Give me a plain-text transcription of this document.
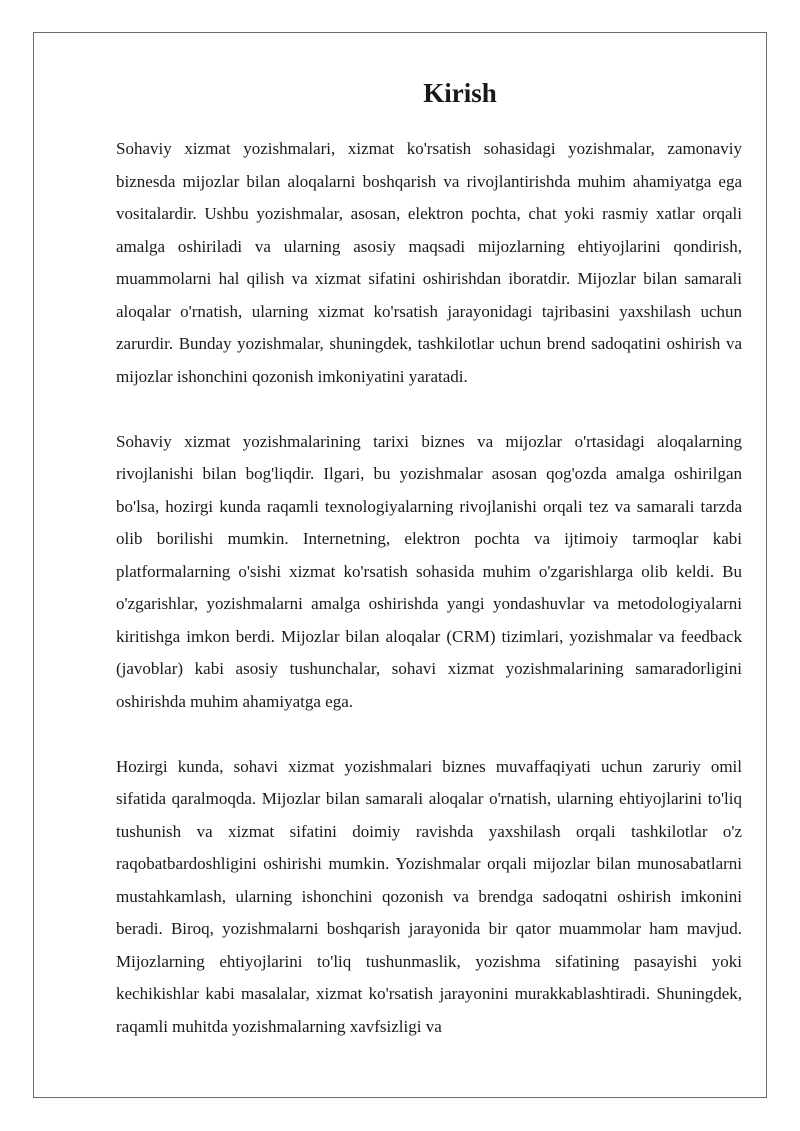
Kirish

Sohaviy xizmat yozishmalari, xizmat ko'rsatish sohasidagi yozishmalar, zamonaviy biznesda mijozlar bilan aloqalarni boshqarish va rivojlantirishda muhim ahamiyatga ega vositalardir. Ushbu yozishmalar, asosan, elektron pochta, chat yoki rasmiy xatlar orqali amalga oshiriladi va ularning asosiy maqsadi mijozlarning ehtiyojlarini qondirish, muammolarni hal qilish va xizmat sifatini oshirishdan iboratdir. Mijozlar bilan samarali aloqalar o'rnatish, ularning xizmat ko'rsatish jarayonidagi tajribasini yaxshilash uchun zarurdir. Bunday yozishmalar, shuningdek, tashkilotlar uchun brend sadoqatini oshirish va mijozlar ishonchini qozonish imkoniyatini yaratadi.

Sohaviy xizmat yozishmalarining tarixi biznes va mijozlar o'rtasidagi aloqalarning rivojlanishi bilan bog'liqdir. Ilgari, bu yozishmalar asosan qog'ozda amalga oshirilgan bo'lsa, hozirgi kunda raqamli texnologiyalarning rivojlanishi orqali tez va samarali tarzda olib borilishi mumkin. Internetning, elektron pochta va ijtimoiy tarmoqlar kabi platformalarning o'sishi xizmat ko'rsatish sohasida muhim o'zgarishlarga olib keldi. Bu o'zgarishlar, yozishmalarni amalga oshirishda yangi yondashuvlar va metodologiyalarni kiritishga imkon berdi. Mijozlar bilan aloqalar (CRM) tizimlari, yozishmalar va feedback (javoblar) kabi asosiy tushunchalar, sohavi xizmat yozishmalarining samaradorligini oshirishda muhim ahamiyatga ega.

Hozirgi kunda, sohavi xizmat yozishmalari biznes muvaffaqiyati uchun zaruriy omil sifatida qaralmoqda. Mijozlar bilan samarali aloqalar o'rnatish, ularning ehtiyojlarini to'liq tushunish va xizmat sifatini doimiy ravishda yaxshilash orqali tashkilotlar o'z raqobatbardoshligini oshirishi mumkin. Yozishmalar orqali mijozlar bilan munosabatlarni mustahkamlash, ularning ishonchini qozonish va brendga sadoqatni oshirish imkonini beradi. Biroq, yozishmalarni boshqarish jarayonida bir qator muammolar ham mavjud. Mijozlarning ehtiyojlarini to'liq tushunmaslik, yozishma sifatining pasayishi yoki kechikishlar kabi masalalar, xizmat ko'rsatish jarayonini murakkablashtiradi. Shuningdek, raqamli muhitda yozishmalarning xavfsizligi va
